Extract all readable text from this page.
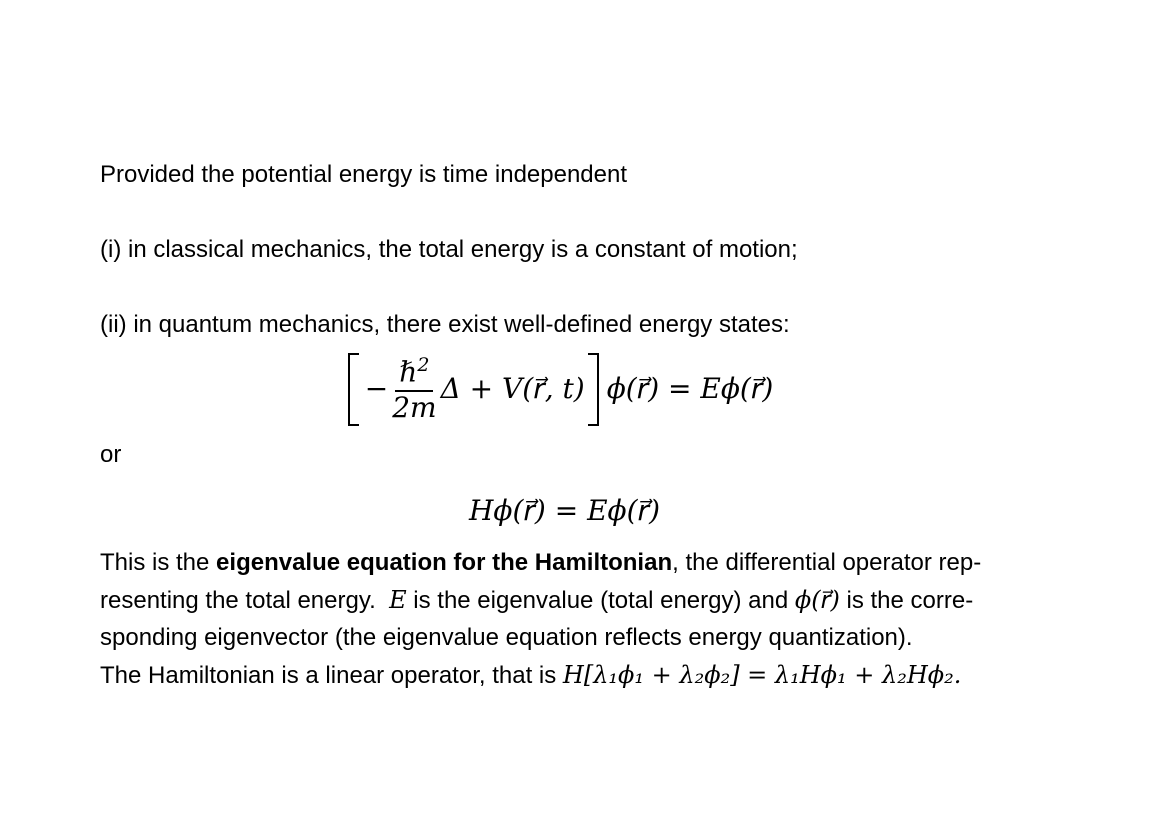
Provided the potential energy is time independent
(i) in classical mechanics, the total energy is a constant of motion;
(ii) in quantum mechanics, there exist well-defined energy states:
− $\frac{\hbar^2}{2m}$ Δ + V(r⃗, t) ϕ(r⃗) = Eϕ(r⃗)
or
Hϕ(r⃗) = Eϕ(r⃗)
This is the eigenvalue equation for the Hamiltonian, the differential operator rep-
resenting the total energy.  E is the eigenvalue (total energy) and ϕ(r⃗) is the corre-
sponding eigenvector (the eigenvalue equation reflects energy quantization).
The Hamiltonian is a linear operator, that is H[λ₁ϕ₁ + λ₂ϕ₂] = λ₁Hϕ₁ + λ₂Hϕ₂.
